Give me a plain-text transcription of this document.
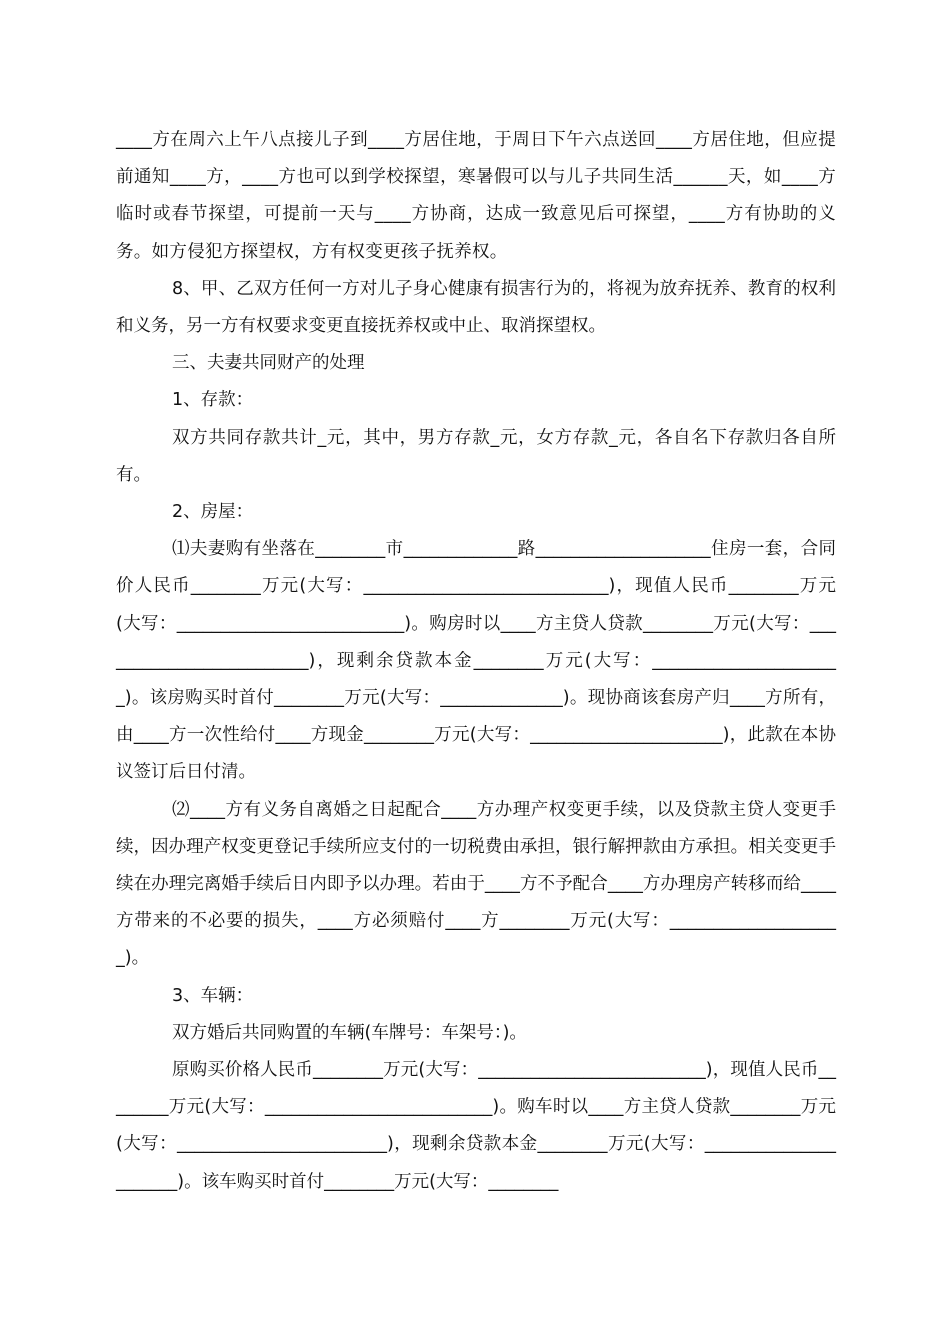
____方在周六上午八点接儿子到____方居住地，于周日下午六点送回____方居住地，但应提前通知____方，____方也可以到学校探望，寒暑假可以与儿子共同生活______天，如____方临时或春节探望，可提前一天与____方协商，达成一致意见后可探望，____方有协助的义务。如方侵犯方探望权，方有权变更孩子抚养权。

8、甲、乙双方任何一方对儿子身心健康有损害行为的，将视为放弃抚养、教育的权利和义务，另一方有权要求变更直接抚养权或中止、取消探望权。

三、夫妻共同财产的处理

1、存款：

双方共同存款共计_元，其中，男方存款_元，女方存款_元，各自名下存款归各自所有。

2、房屋：

⑴夫妻购有坐落在________市_____________路____________________住房一套，合同价人民币________万元(大写：____________________________)，现值人民币________万元(大写：__________________________)。购房时以____方主贷人贷款________万元(大写：_________________________)，现剩余贷款本金________万元(大写：______________________)。该房购买时首付________万元(大写：______________)。现协商该套房产归____方所有，由____方一次性给付____方现金________万元(大写：______________________)，此款在本协议签订后日付清。

⑵____方有义务自离婚之日起配合____方办理产权变更手续，以及贷款主贷人变更手续，因办理产权变更登记手续所应支付的一切税费由承担，银行解押款由方承担。相关变更手续在办理完离婚手续后日内即予以办理。若由于____方不予配合____方办理房产转移而给____方带来的不必要的损失，____方必须赔付____方________万元(大写：____________________)。

3、车辆：

双方婚后共同购置的车辆(车牌号：车架号：)。

原购买价格人民币________万元(大写：__________________________)，现值人民币________万元(大写：__________________________)。购车时以____方主贷人贷款________万元(大写：________________________)，现剩余贷款本金________万元(大写：______________________)。该车购买时首付________万元(大写：________
